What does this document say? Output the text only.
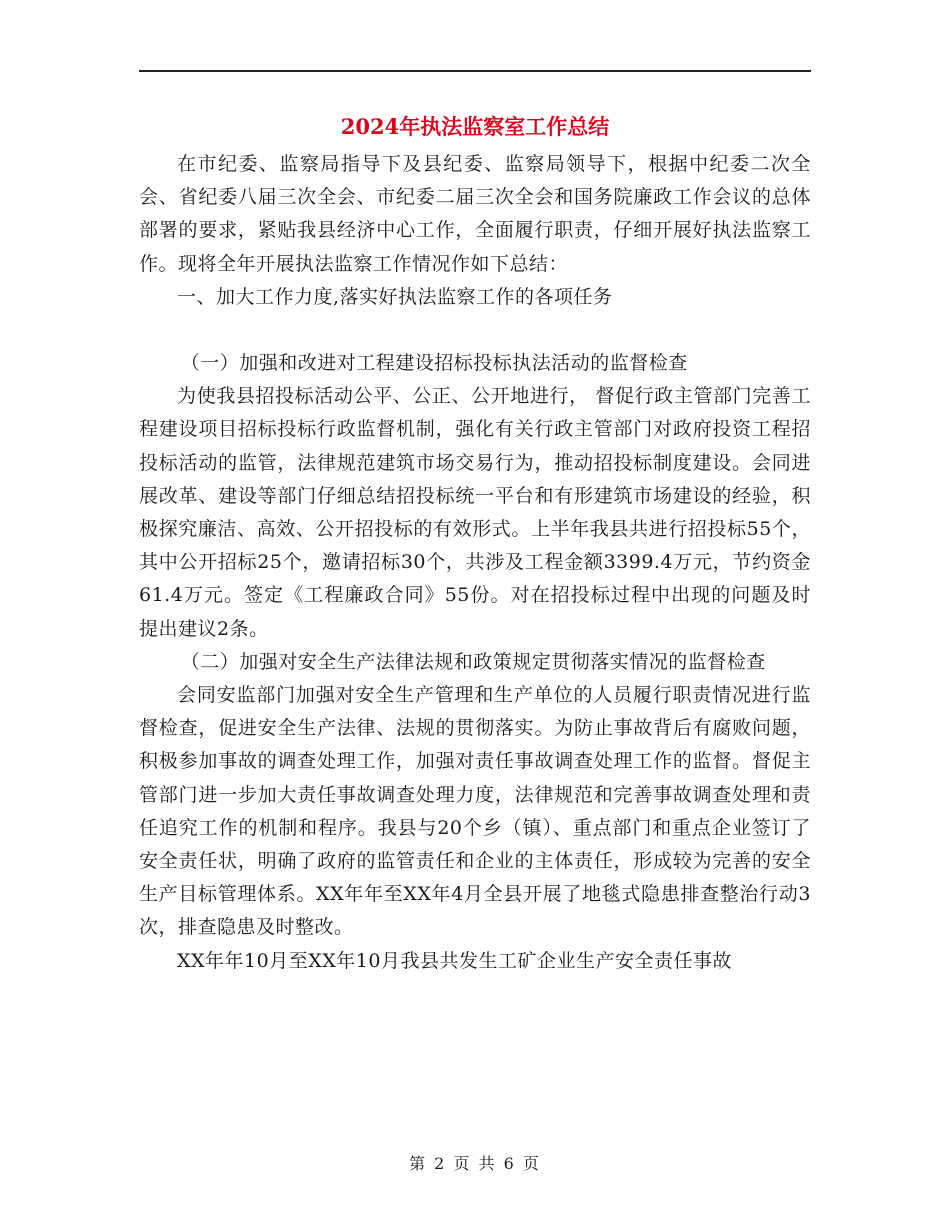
2024年执法监察室工作总结

在市纪委、监察局指导下及县纪委、监察局领导下，根据中纪委二次全会、省纪委八届三次全会、市纪委二届三次全会和国务院廉政工作会议的总体部署的要求，紧贴我县经济中心工作，全面履行职责，仔细开展好执法监察工作。现将全年开展执法监察工作情况作如下总结：

一、加大工作力度,落实好执法监察工作的各项任务

（一）加强和改进对工程建设招标投标执法活动的监督检查

为使我县招投标活动公平、公正、公开地进行， 督促行政主管部门完善工程建设项目招标投标行政监督机制，强化有关行政主管部门对政府投资工程招投标活动的监管，法律规范建筑市场交易行为，推动招投标制度建设。会同进展改革、建设等部门仔细总结招投标统一平台和有形建筑市场建设的经验，积极探究廉洁、高效、公开招投标的有效形式。上半年我县共进行招投标55个，其中公开招标25个，邀请招标30个，共涉及工程金额3399.4万元，节约资金61.4万元。签定《工程廉政合同》55份。对在招投标过程中出现的问题及时提出建议2条。

（二）加强对安全生产法律法规和政策规定贯彻落实情况的监督检查

会同安监部门加强对安全生产管理和生产单位的人员履行职责情况进行监督检查，促进安全生产法律、法规的贯彻落实。为防止事故背后有腐败问题，积极参加事故的调查处理工作，加强对责任事故调查处理工作的监督。督促主管部门进一步加大责任事故调查处理力度，法律规范和完善事故调查处理和责任追究工作的机制和程序。我县与20个乡（镇）、重点部门和重点企业签订了安全责任状，明确了政府的监管责任和企业的主体责任，形成较为完善的安全生产目标管理体系。XX年年至XX年4月全县开展了地毯式隐患排查整治行动3次，排查隐患及时整改。

XX年年10月至XX年10月我县共发生工矿企业生产安全责任事故

第 2 页 共 6 页
